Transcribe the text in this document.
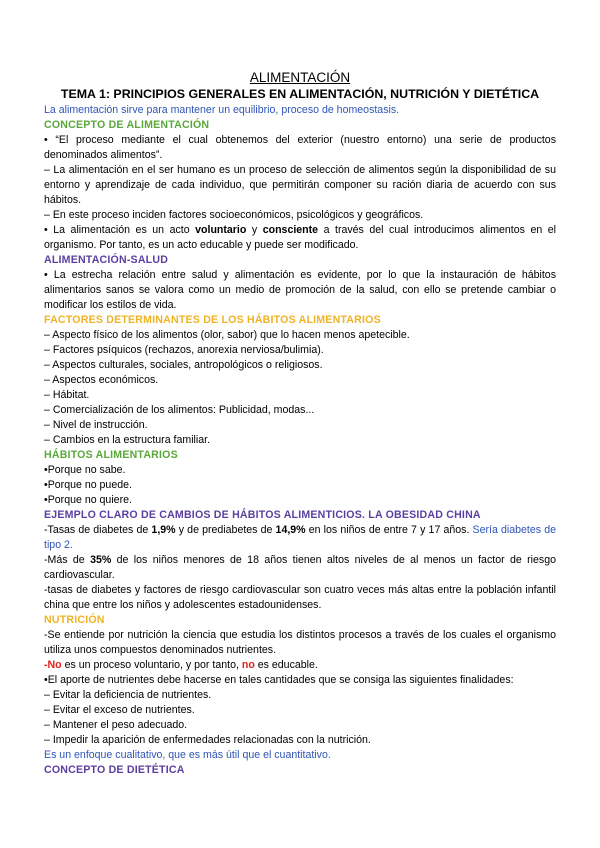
ALIMENTACIÓN

TEMA 1: PRINCIPIOS GENERALES EN ALIMENTACIÓN, NUTRICIÓN Y DIETÉTICA

La alimentación sirve para mantener un equilibrio, proceso de homeostasis.

CONCEPTO DE ALIMENTACIÓN

• “El proceso mediante el cual obtenemos del exterior (nuestro entorno) una serie de productos denominados alimentos”.

– La alimentación en el ser humano es un proceso de selección de alimentos según la disponibilidad de su entorno y aprendizaje de cada individuo, que permitirán componer su ración diaria de acuerdo con sus hábitos.

– En este proceso inciden factores socioeconómicos, psicológicos y geográficos.

• La alimentación es un acto voluntario y consciente a través del cual introducimos alimentos en el organismo. Por tanto, es un acto educable y puede ser modificado.

ALIMENTACIÓN-SALUD

• La estrecha relación entre salud y alimentación es evidente, por lo que la instauración de hábitos alimentarios sanos se valora como un medio de promoción de la salud, con ello se pretende cambiar o modificar los estilos de vida.

FACTORES DETERMINANTES DE LOS HÁBITOS ALIMENTARIOS

– Aspecto físico de los alimentos (olor, sabor) que lo hacen menos apetecible.

– Factores psíquicos (rechazos, anorexia nerviosa/bulimia).

– Aspectos culturales, sociales, antropológicos o religiosos.

– Aspectos económicos.

– Hábitat.

– Comercialización de los alimentos: Publicidad, modas...

– Nivel de instrucción.

– Cambios en la estructura familiar.

HÁBITOS ALIMENTARIOS

•Porque no sabe.

•Porque no puede.

•Porque no quiere.

EJEMPLO CLARO DE CAMBIOS DE HÁBITOS ALIMENTICIOS. LA OBESIDAD CHINA

-Tasas de diabetes de 1,9% y de prediabetes de 14,9% en los niños de entre 7 y 17 años. Sería diabetes de tipo 2.

-Más de 35% de los niños menores de 18 años tienen altos niveles de al menos un factor de riesgo cardiovascular.

-tasas de diabetes y factores de riesgo cardiovascular son cuatro veces más altas entre la población infantil china que entre los niños y adolescentes estadounidenses.

NUTRICIÓN

-Se entiende por nutrición la ciencia que estudia los distintos procesos a través de los cuales el organismo utiliza unos compuestos denominados nutrientes.

-No es un proceso voluntario, y por tanto, no es educable.

•El aporte de nutrientes debe hacerse en tales cantidades que se consiga las siguientes finalidades:

– Evitar la deficiencia de nutrientes.

– Evitar el exceso de nutrientes.

– Mantener el peso adecuado.

– Impedir la aparición de enfermedades relacionadas con la nutrición.

Es un enfoque cualitativo, que es más útil que el cuantitativo.

CONCEPTO DE DIETÉTICA
